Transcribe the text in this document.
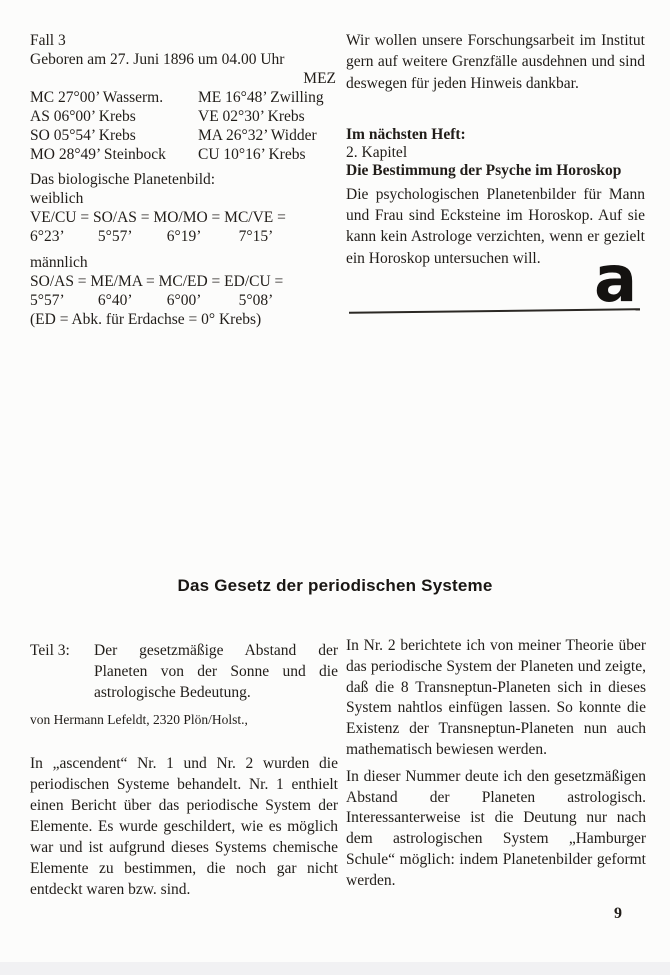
Fall 3
Geboren am 27. Juni 1896 um 04.00 Uhr
MEZ
MC 27°00’ Wasserm.	ME 16°48’ Zwilling
AS 06°00’ Krebs	VE 02°30’ Krebs
SO 05°54’ Krebs	MA 26°32’ Widder
MO 28°49’ Steinbock	CU 10°16’ Krebs
Das biologische Planetenbild:
weiblich
VE/CU = SO/AS = MO/MO = MC/VE =
6°23’ 5°57’ 6°19’ 7°15’
männlich
SO/AS = ME/MA = MC/ED = ED/CU =
5°57’ 6°40’ 6°00’ 5°08’
(ED = Abk. für Erdachse = 0° Krebs)
Wir wollen unsere Forschungsarbeit im Institut gern auf weitere Grenzfälle ausdehnen und sind deswegen für jeden Hinweis dankbar.
Im nächsten Heft:
2. Kapitel
Die Bestimmung der Psyche im Horoskop
Die psychologischen Planetenbilder für Mann und Frau sind Ecksteine im Horoskop. Auf sie kann kein Astrologe verzichten, wenn er gezielt ein Horoskop untersuchen will. a
Das Gesetz der periodischen Systeme
Teil 3:	Der gesetzmäßige Abstand der Planeten von der Sonne und die astrologische Bedeutung.
von Hermann Lefeldt, 2320 Plön/Holst.,
In „ascendent“ Nr. 1 und Nr. 2 wurden die periodischen Systeme behandelt. Nr. 1 enthielt einen Bericht über das periodische System der Elemente. Es wurde geschildert, wie es möglich war und ist aufgrund dieses Systems chemische Elemente zu bestimmen, die noch gar nicht entdeckt waren bzw. sind.
In Nr. 2 berichtete ich von meiner Theorie über das periodische System der Planeten und zeigte, daß die 8 Transneptun-Planeten sich in dieses System nahtlos einfügen lassen. So konnte die Existenz der Transneptun-Planeten nun auch mathematisch bewiesen werden.
In dieser Nummer deute ich den gesetzmäßigen Abstand der Planeten astrologisch. Interessanterweise ist die Deutung nur nach dem astrologischen System „Hamburger Schule“ möglich: indem Planetenbilder geformt werden.
9
